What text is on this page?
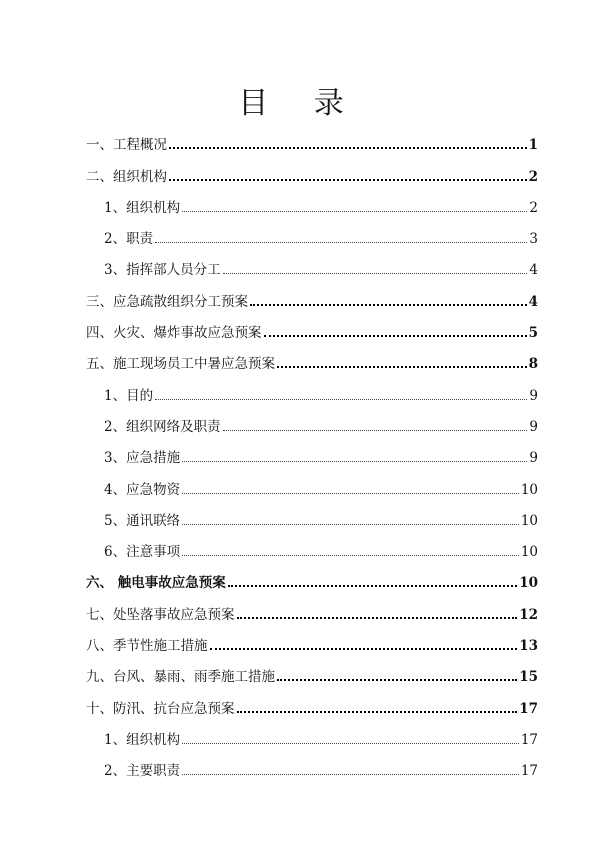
目 录
一、工程概况	1
二、组织机构	2
1、组织机构	2
2、职责	3
3、指挥部人员分工	4
三、应急疏散组织分工预案	4
四、火灾、爆炸事故应急预案	5
五、施工现场员工中暑应急预案	8
1、目的	9
2、组织网络及职责	9
3、应急措施	9
4、应急物资	10
5、通讯联络	10
6、注意事项	10
六、 触电事故应急预案	10
七、处坠落事故应急预案	12
八、季节性施工措施	13
九、台风、暴雨、雨季施工措施	15
十、防汛、抗台应急预案	17
1、组织机构	17
2、主要职责	17
